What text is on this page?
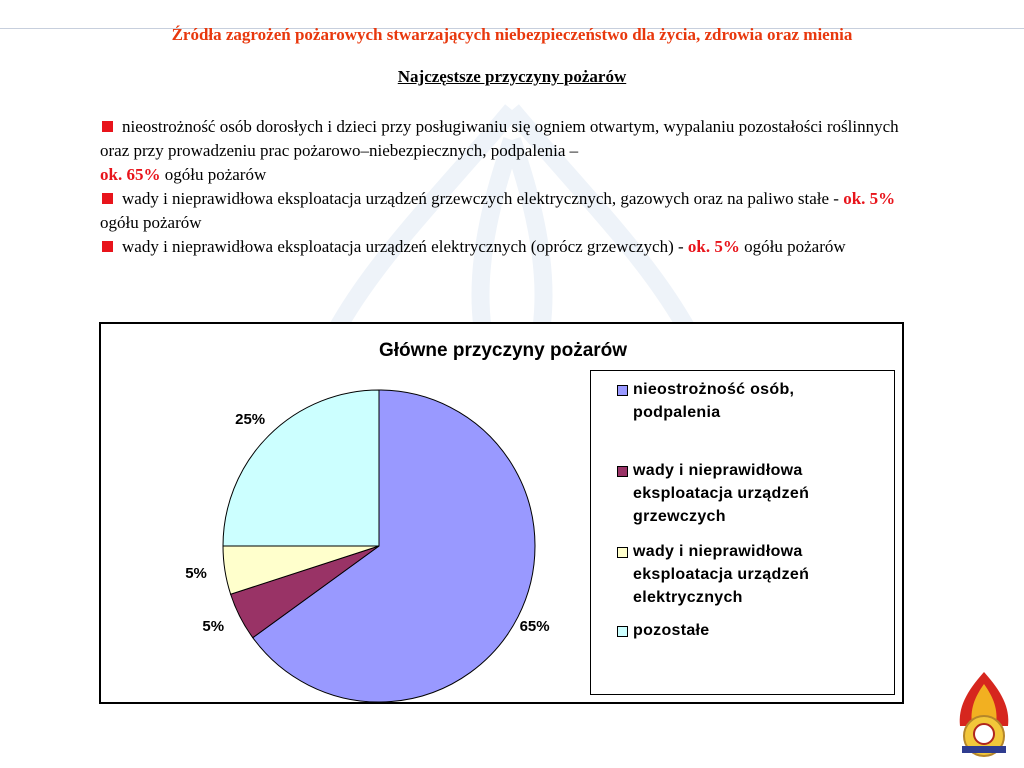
Źródła zagrożeń pożarowych stwarzających niebezpieczeństwo dla życia, zdrowia oraz mienia
Najczęstsze przyczyny pożarów

nieostrożność osób dorosłych i dzieci przy posługiwaniu się ogniem otwartym, wypalaniu pozostałości roślinnych oraz przy prowadzeniu prac pożarowo–niebezpiecznych, podpalenia –
ok. 65% ogółu pożarów

wady i nieprawidłowa eksploatacja urządzeń grzewczych elektrycznych, gazowych oraz na paliwo stałe - ok. 5% ogółu pożarów

wady i nieprawidłowa eksploatacja urządzeń elektrycznych (oprócz grzewczych) - ok. 5% ogółu pożarów

Główne przyczyny pożarów
65%
5%
5%
25%
nieostrożność osób, podpalenia
wady i nieprawidłowa eksploatacja urządzeń grzewczych
wady i nieprawidłowa eksploatacja urządzeń elektrycznych
pozostałe
